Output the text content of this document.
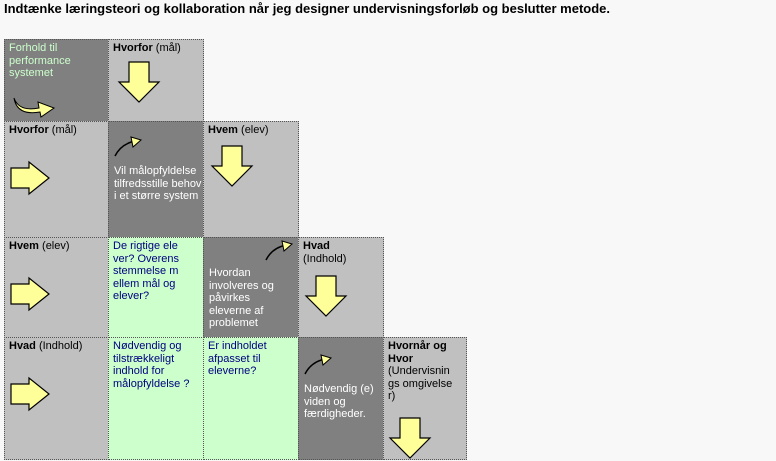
Indtænke læringsteori og kollaboration når jeg designer undervisningsforløb og beslutter metode.
Forhold til performance systemet
Hvorfor (mål)
Hvorfor (mål)
Vil målopfyldelse tilfredsstille behov i et større system
Hvem (elev)
Hvem (elev)	De rigtige elever? Overensstemmelse mellem mål og elever?
Hvordan involveres og påvirkes eleverne af problemet
Hvad
(Indhold)
Hvad (Indhold)	Nødvendig og tilstrækkeligt indhold for målopfyldelse ?
Er indholdet afpasset til eleverne?
Nødvendig (e) viden og færdigheder.
Hvornår og Hvor
(Undervisnings omgivelser)
